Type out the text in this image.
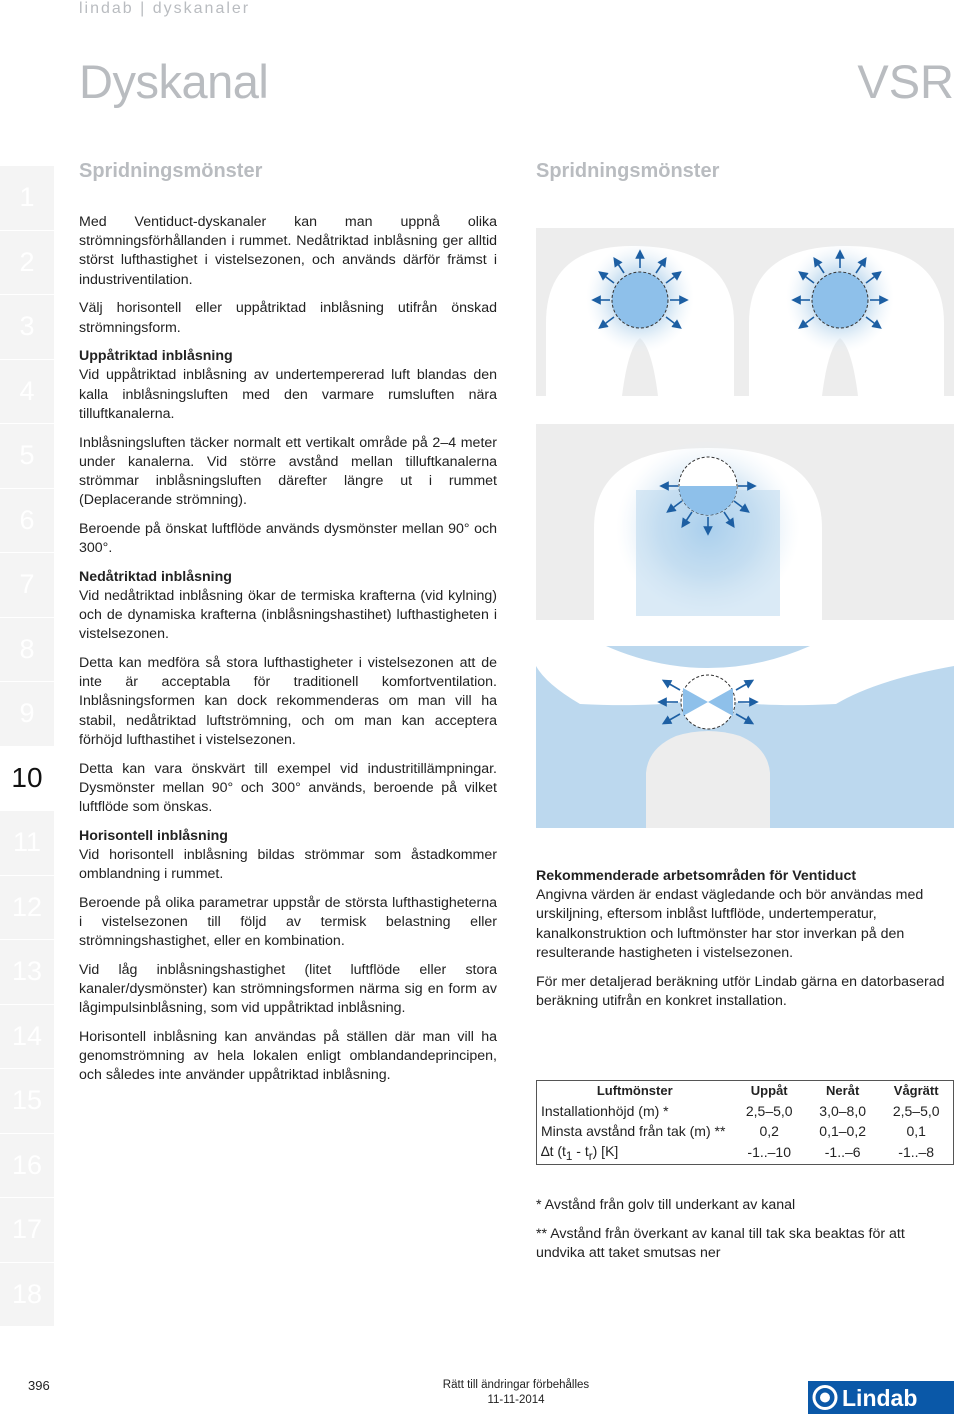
lindab | dyskanaler
Dyskanal	VSR
Spridningsmönster	Spridningsmönster
1
2
3
4
5
6
7
8
9
10
11
12
13
14
15
16
17
18

Med Ventiduct-dyskanaler kan man uppnå olika strömningsförhållanden i rummet. Nedåtriktad inblåsning ger alltid störst lufthastighet i vistelsezonen, och används därför främst i industriventilation.

Välj horisontell eller uppåtriktad inblåsning utifrån önskad strömningsform.

Uppåtriktad inblåsning

Vid uppåtriktad inblåsning av undertempererad luft blandas den kalla inblåsningsluften med den varmare rumsluften nära tilluftkanalerna.

Inblåsningsluften täcker normalt ett vertikalt område på 2–4 meter under kanalerna. Vid större avstånd mellan tilluftkanalerna strömmar inblåsningsluften därefter längre ut i rummet (Deplacerande strömning).

Beroende på önskat luftflöde används dysmönster mellan 90° och 300°.

Nedåtriktad inblåsning

Vid nedåtriktad inblåsning ökar de termiska krafterna (vid kylning) och de dynamiska krafterna (inblåsningshastihet) lufthastigheten i vistelsezonen.

Detta kan medföra så stora lufthastigheter i vistelsezonen att de inte är acceptabla för traditionell komfortventilation. Inblåsningsformen kan dock rekommenderas om man vill ha stabil, nedåtriktad luftströmning, och om man kan acceptera förhöjd lufthastihet i vistelsezonen.

Detta kan vara önskvärt till exempel vid industritillämpningar. Dysmönster mellan 90° och 300° används, beroende på vilket luftflöde som önskas.

Horisontell inblåsning

Vid horisontell inblåsning bildas strömmar som åstadkommer omblandning i rummet.

Beroende på olika parametrar uppstår de största lufthastigheterna i vistelsezonen till följd av termisk belastning eller strömningshastighet, eller en kombination.

Vid låg inblåsningshastighet (litet luftflöde eller stora kanaler/dysmönster) kan strömningsformen närma sig en form av lågimpulsinblåsning, som vid uppåtriktad inblåsning.

Horisontell inblåsning kan användas på ställen där man vill ha genomströmning av hela lokalen enligt omblandandeprincipen, och således inte använder uppåtriktad inblåsning.

Rekommenderade arbetsområden för Ventiduct

Angivna värden är endast vägledande och bör användas med urskiljning, eftersom inblåst luftflöde, undertemperatur, kanalkonstruktion och luftmönster har stor inverkan på den resulterande hastigheten i vistelsezonen.

För mer detaljerad beräkning utför Lindab gärna en datorbaserad beräkning utifrån en konkret installation.

Luftmönster	Uppåt	Neråt	Vågrätt
Installationhöjd (m) *	2,5–5,0	3,0–8,0	2,5–5,0
Minsta avstånd från tak (m) **	0,2	0,1–0,2	0,1
∆t $(t_1 - t_r)$ [K]	-1..–10	-1..–6	-1..–8

* Avstånd från golv till underkant av kanal

** Avstånd från överkant av kanal till tak ska beaktas för att undvika att taket smutsas ner

396	Rätt till ändringar förbehålles
11-11-2014	Lindab
